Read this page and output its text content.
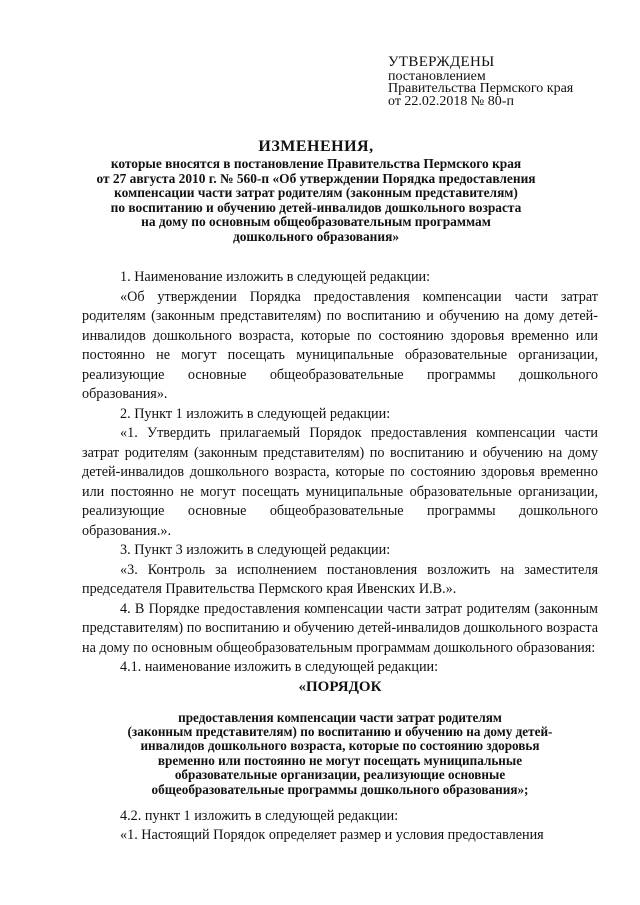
УТВЕРЖДЕНЫ
постановлением
Правительства Пермского края
от 22.02.2018 № 80-п
ИЗМЕНЕНИЯ,
которые вносятся в постановление Правительства Пермского края
от 27 августа 2010 г. № 560-п «Об утверждении Порядка предоставления
компенсации части затрат родителям (законным представителям)
по воспитанию и обучению детей-инвалидов дошкольного возраста
на дому по основным общеобразовательным программам
дошкольного образования»

1. Наименование изложить в следующей редакции:

«Об утверждении Порядка предоставления компенсации части затрат родителям (законным представителям) по воспитанию и обучению на дому детей-инвалидов дошкольного возраста, которые по состоянию здоровья временно или постоянно не могут посещать муниципальные образовательные организации, реализующие основные общеобразовательные программы дошкольного образования».

2. Пункт 1 изложить в следующей редакции:

«1. Утвердить прилагаемый Порядок предоставления компенсации части затрат родителям (законным представителям) по воспитанию и обучению на дому детей-инвалидов дошкольного возраста, которые по состоянию здоровья временно или постоянно не могут посещать муниципальные образовательные организации, реализующие основные общеобразовательные программы дошкольного образования.».

3. Пункт 3 изложить в следующей редакции:

«3. Контроль за исполнением постановления возложить на заместителя председателя Правительства Пермского края Ивенских И.В.».

4. В Порядке предоставления компенсации части затрат родителям (законным представителям) по воспитанию и обучению детей-инвалидов дошкольного возраста на дому по основным общеобразовательным программам дошкольного образования:

4.1. наименование изложить в следующей редакции:

«ПОРЯДОК

предоставления компенсации части затрат родителям
(законным представителям) по воспитанию и обучению на дому детей-
инвалидов дошкольного возраста, которые по состоянию здоровья
временно или постоянно не могут посещать муниципальные
образовательные организации, реализующие основные
общеобразовательные программы дошкольного образования»;

4.2. пункт 1 изложить в следующей редакции:

«1. Настоящий Порядок определяет размер и условия предоставления
